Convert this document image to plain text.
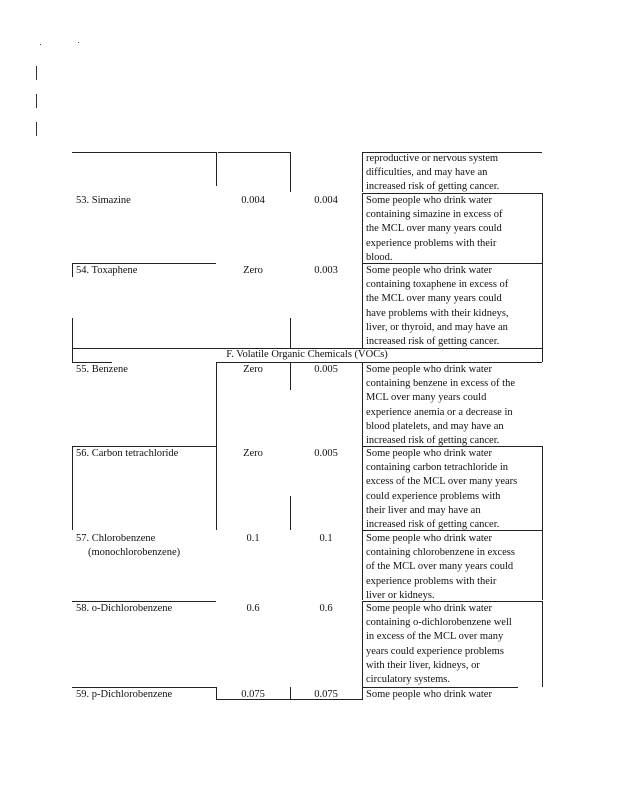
reproductive or nervous system
difficulties, and may have an
increased risk of getting cancer.
53. Simazine	0.004	0.004	Some people who drink water
containing simazine in excess of
the MCL over many years could
experience problems with their
blood.
54. Toxaphene	Zero	0.003	Some people who drink water
containing toxaphene in excess of
the MCL over many years could
have problems with their kidneys,
liver, or thyroid, and may have an
increased risk of getting cancer.
F. Volatile Organic Chemicals (VOCs)
55. Benzene	Zero	0.005	Some people who drink water
containing benzene in excess of the
MCL over many years could
experience anemia or a decrease in
blood platelets, and may have an
increased risk of getting cancer.
56. Carbon tetrachloride	Zero	0.005	Some people who drink water
containing carbon tetrachloride in
excess of the MCL over many years
could experience problems with
their liver and may have an
increased risk of getting cancer.
57. Chlorobenzene
(monochlorobenzene)
0.1	0.1	Some people who drink water
containing chlorobenzene in excess
of the MCL over many years could
experience problems with their
liver or kidneys.
58. o-Dichlorobenzene	0.6	0.6	Some people who drink water
containing o-dichlorobenzene well
in excess of the MCL over many
years could experience problems
with their liver, kidneys, or
circulatory systems.
59. p-Dichlorobenzene	0.075	0.075	Some people who drink water
